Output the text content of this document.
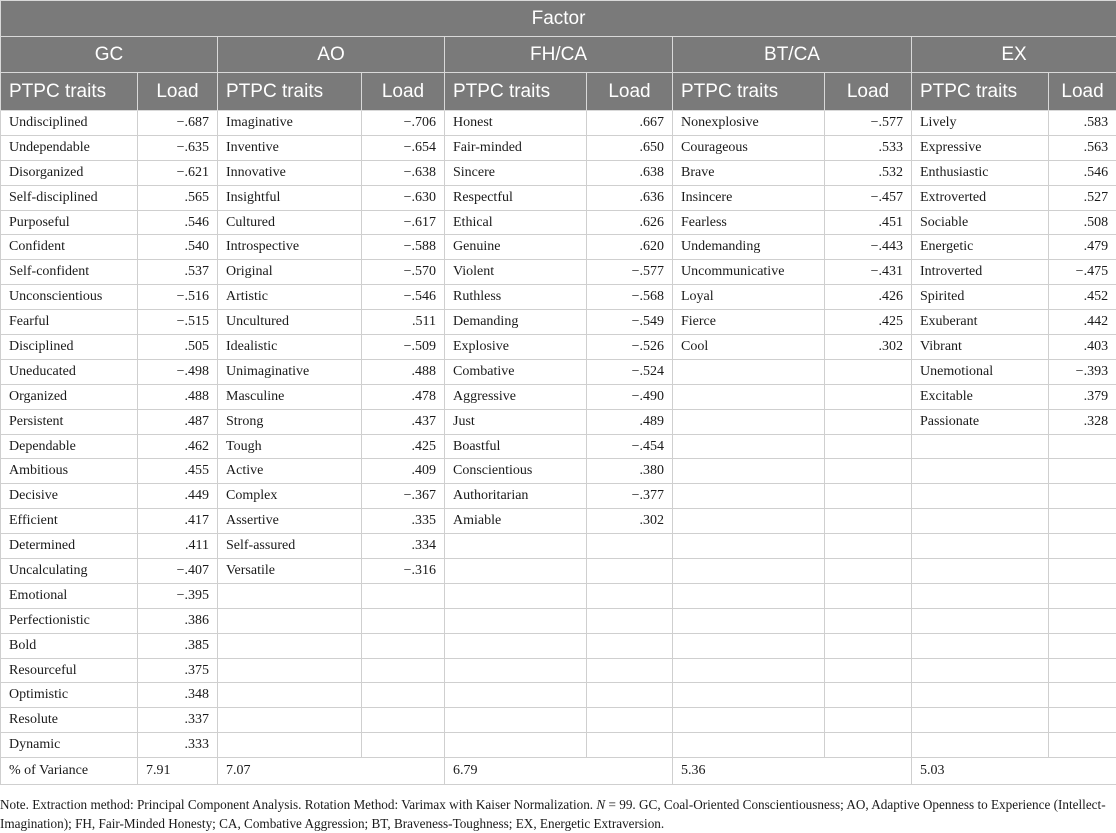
Factor									
GC		AO		FH/CA		BT/CA		EX	
PTPC traits	Load	PTPC traits	Load	PTPC traits	Load	PTPC traits	Load	PTPC traits	Load
Undisciplined	−.687	Imaginative	−.706	Honest	.667	Nonexplosive	−.577	Lively	.583
Undependable	−.635	Inventive	−.654	Fair-minded	.650	Courageous	.533	Expressive	.563
Disorganized	−.621	Innovative	−.638	Sincere	.638	Brave	.532	Enthusiastic	.546
Self-disciplined	.565	Insightful	−.630	Respectful	.636	Insincere	−.457	Extroverted	.527
Purposeful	.546	Cultured	−.617	Ethical	.626	Fearless	.451	Sociable	.508
Confident	.540	Introspective	−.588	Genuine	.620	Undemanding	−.443	Energetic	.479
Self-confident	.537	Original	−.570	Violent	−.577	Uncommunicative	−.431	Introverted	−.475
Unconscientious	−.516	Artistic	−.546	Ruthless	−.568	Loyal	.426	Spirited	.452
Fearful	−.515	Uncultured	.511	Demanding	−.549	Fierce	.425	Exuberant	.442
Disciplined	.505	Idealistic	−.509	Explosive	−.526	Cool	.302	Vibrant	.403
Uneducated	−.498	Unimaginative	.488	Combative	−.524			Unemotional	−.393
Organized	.488	Masculine	.478	Aggressive	−.490			Excitable	.379
Persistent	.487	Strong	.437	Just	.489			Passionate	.328
Dependable	.462	Tough	.425	Boastful	−.454				
Ambitious	.455	Active	.409	Conscientious	.380				
Decisive	.449	Complex	−.367	Authoritarian	−.377				
Efficient	.417	Assertive	.335	Amiable	.302				
Determined	.411	Self-assured	.334						
Uncalculating	−.407	Versatile	−.316						
Emotional	−.395								
Perfectionistic	.386								
Bold	.385								
Resourceful	.375								
Optimistic	.348								
Resolute	.337								
Dynamic	.333								
% of Variance	7.91	7.07		6.79		5.36		5.03	
Note. Extraction method: Principal Component Analysis. Rotation Method: Varimax with Kaiser Normalization. N = 99. GC, Coal-Oriented Conscientiousness; AO, Adaptive Openness to Experience (Intellect-Imagination); FH, Fair-Minded Honesty; CA, Combative Aggression; BT, Braveness-Toughness; EX, Energetic Extraversion.
